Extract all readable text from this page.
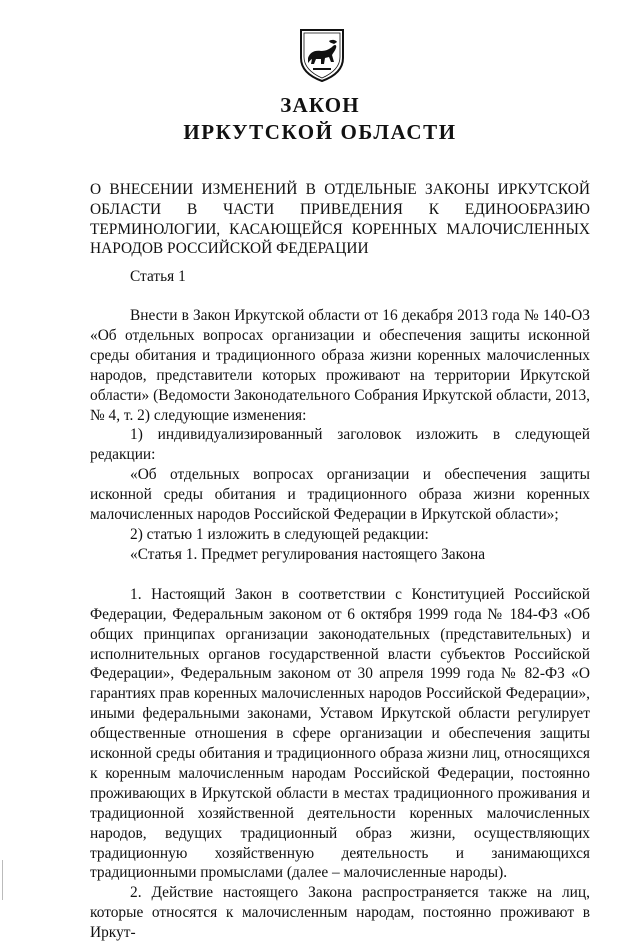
ЗАКОН
ИРКУТСКОЙ ОБЛАСТИ
О ВНЕСЕНИИ ИЗМЕНЕНИЙ В ОТДЕЛЬНЫЕ ЗАКОНЫ ИРКУТСКОЙ ОБЛАСТИ В ЧАСТИ ПРИВЕДЕНИЯ К ЕДИНООБРАЗИЮ ТЕРМИНОЛОГИИ, КАСАЮЩЕЙСЯ КОРЕННЫХ МАЛОЧИСЛЕННЫХ НАРОДОВ РОССИЙСКОЙ ФЕДЕРАЦИИ
Статья 1

Внести в Закон Иркутской области от 16 декабря 2013 года № 140-ОЗ «Об отдельных вопросах организации и обеспечения защиты исконной среды обитания и традиционного образа жизни коренных малочисленных народов, представители которых проживают на территории Иркутской области» (Ведомости Законодательного Собрания Иркутской области, 2013, № 4, т. 2) следующие изменения:

1) индивидуализированный заголовок изложить в следующей редакции:

«Об отдельных вопросах организации и обеспечения защиты исконной среды обитания и традиционного образа жизни коренных малочисленных народов Российской Федерации в Иркутской области»;

2) статью 1 изложить в следующей редакции:

«Статья 1. Предмет регулирования настоящего Закона

1. Настоящий Закон в соответствии с Конституцией Российской Федерации, Федеральным законом от 6 октября 1999 года № 184-ФЗ «Об общих принципах организации законодательных (представительных) и исполнительных органов государственной власти субъектов Российской Федерации», Федеральным законом от 30 апреля 1999 года № 82-ФЗ «О гарантиях прав коренных малочисленных народов Российской Федерации», иными федеральными законами, Уставом Иркутской области регулирует общественные отношения в сфере организации и обеспечения защиты исконной среды обитания и традиционного образа жизни лиц, относящихся к коренным малочисленным народам Российской Федерации, постоянно проживающих в Иркутской области в местах традиционного проживания и традиционной хозяйственной деятельности коренных малочисленных народов, ведущих традиционный образ жизни, осуществляющих традиционную хозяйственную деятельность и занимающихся традиционными промыслами (далее – малочисленные народы).

2. Действие настоящего Закона распространяется также на лиц, которые относятся к малочисленным народам, постоянно проживают в Иркут-
